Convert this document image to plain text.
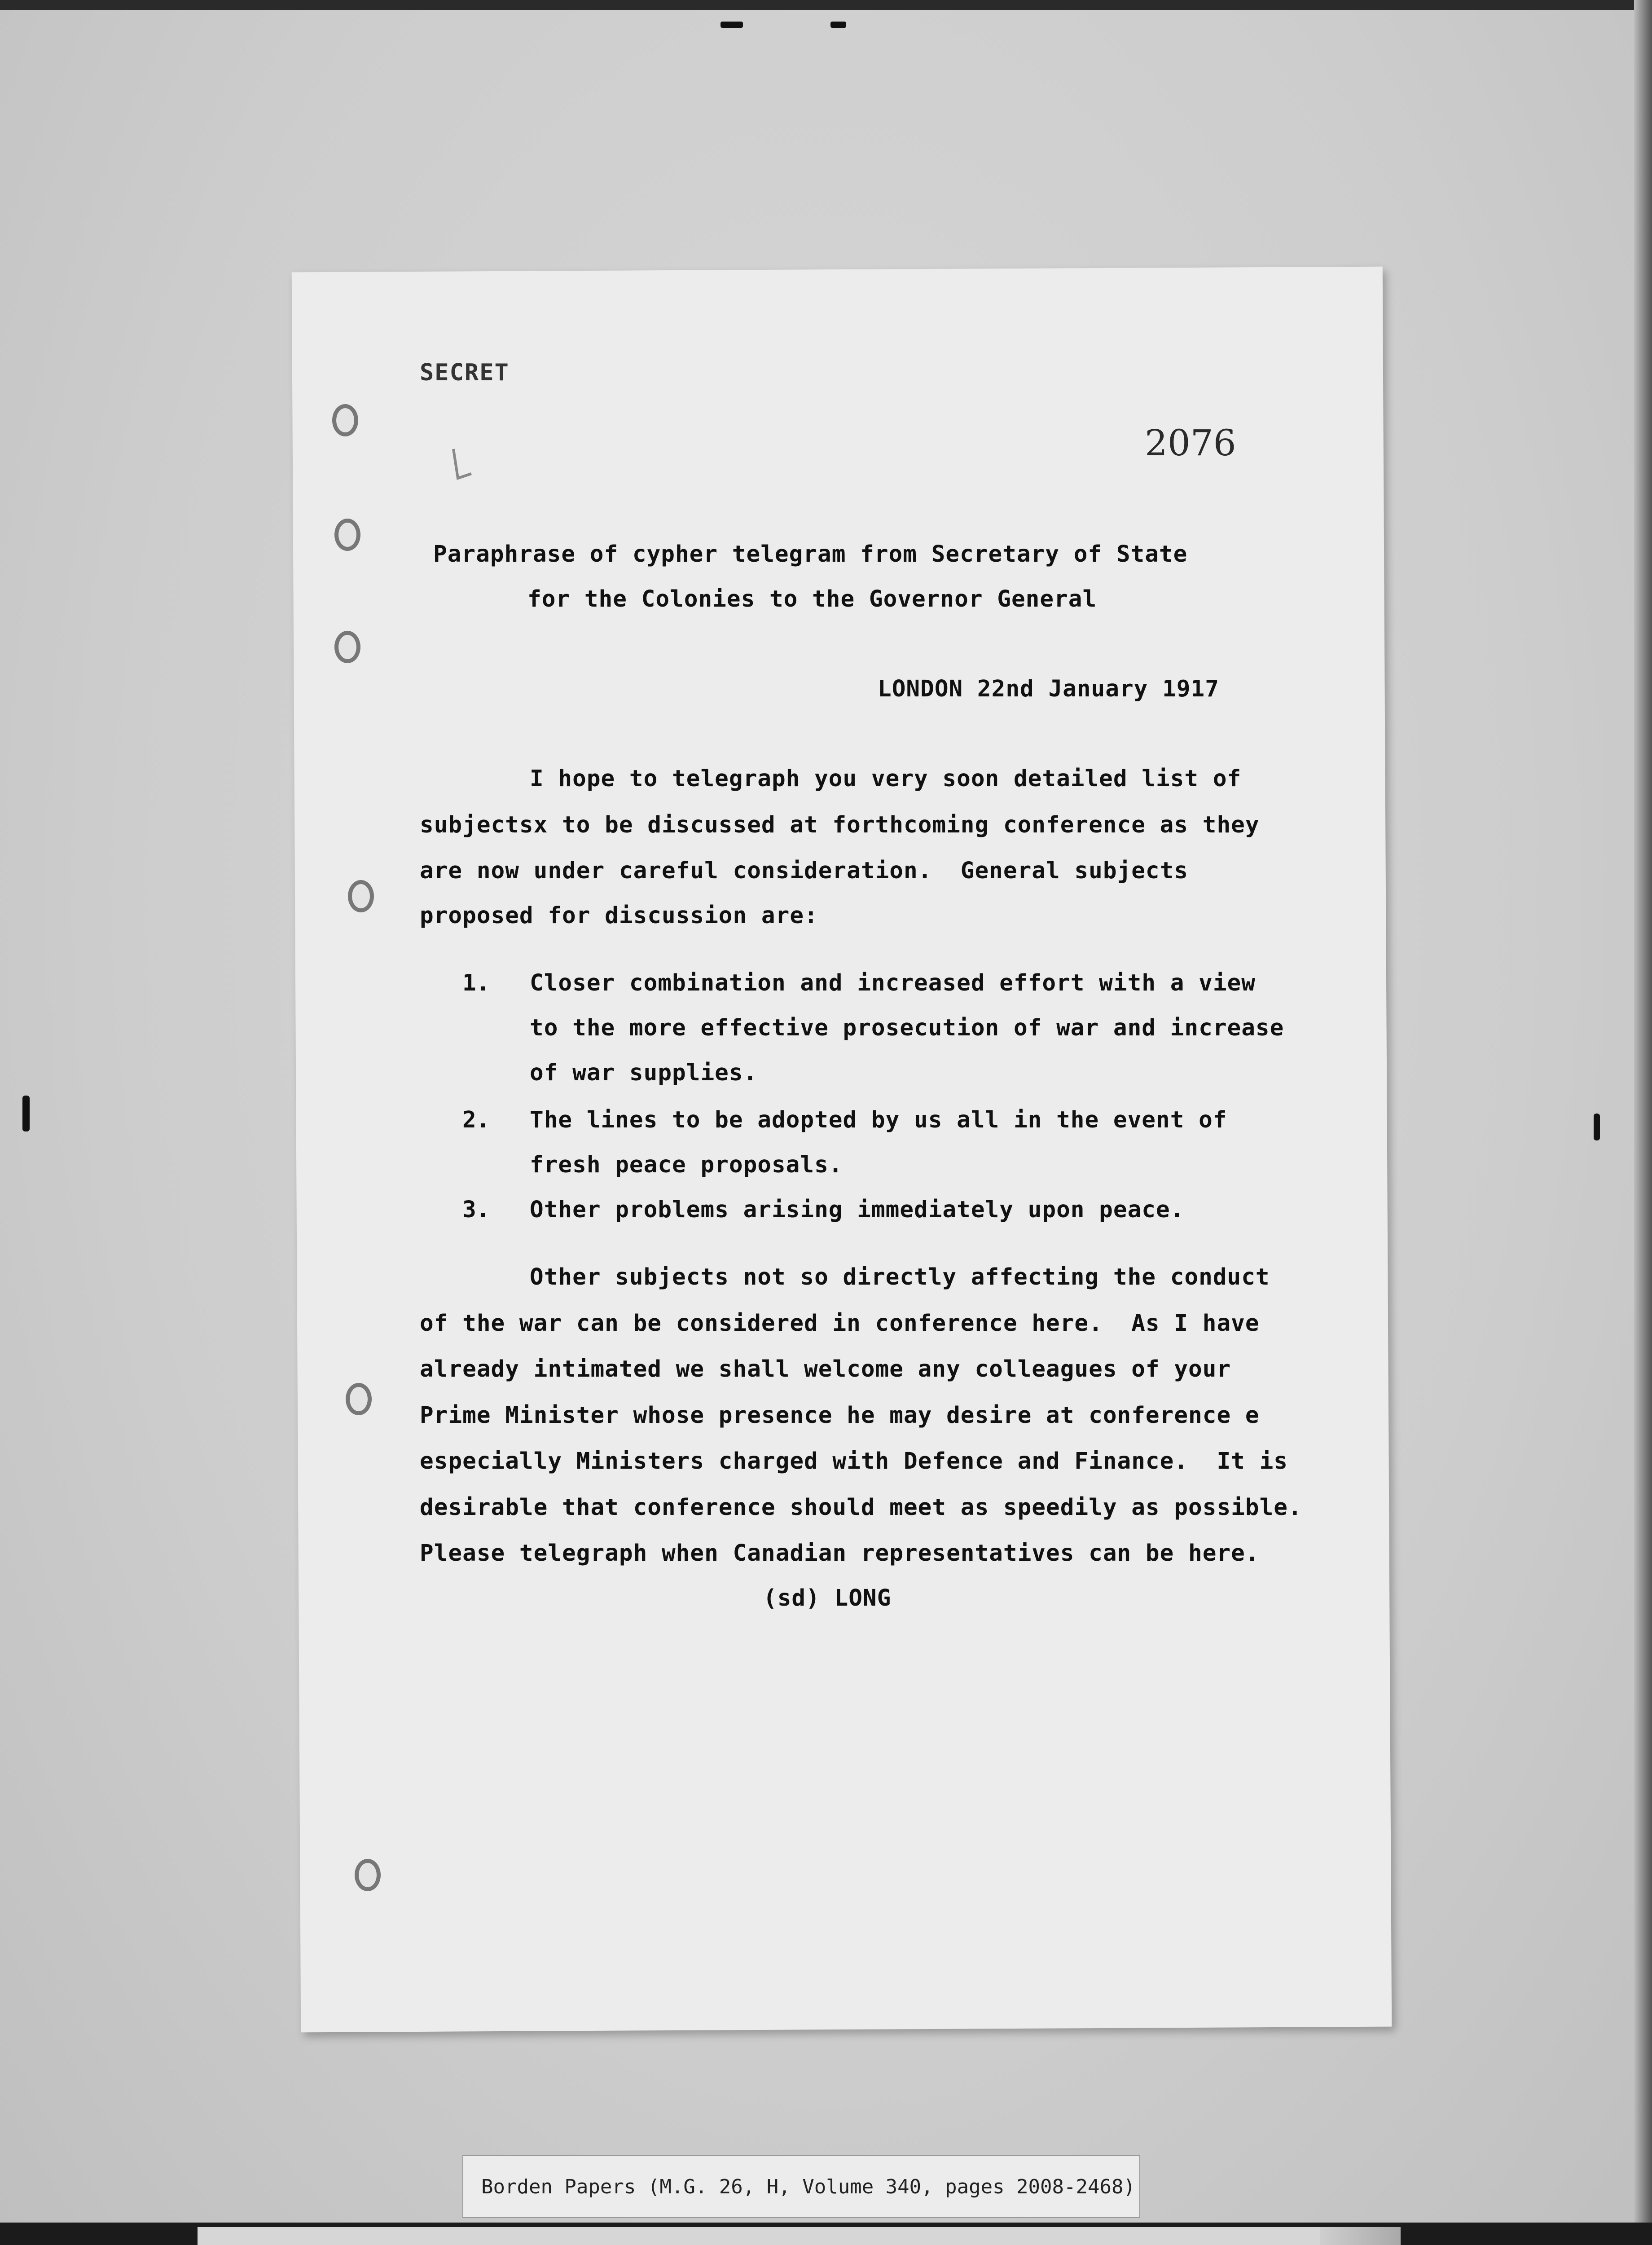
SECRET
2076
Paraphrase of cypher telegram from Secretary of State
for the Colonies to the Governor General
LONDON 22nd January 1917
I hope to telegraph you very soon detailed list of
subjectsx to be discussed at forthcoming conference as they
are now under careful consideration.  General subjects
proposed for discussion are:
1. Closer combination and increased effort with a view
to the more effective prosecution of war and increase
of war supplies.
2. The lines to be adopted by us all in the event of
fresh peace proposals.
3. Other problems arising immediately upon peace.
Other subjects not so directly affecting the conduct
of the war can be considered in conference here.  As I have
already intimated we shall welcome any colleagues of your
Prime Minister whose presence he may desire at conference e
especially Ministers charged with Defence and Finance.  It is
desirable that conference should meet as speedily as possible.
Please telegraph when Canadian representatives can be here.
(sd) LONG
Borden Papers (M.G. 26, H, Volume 340, pages 2008-2468)
